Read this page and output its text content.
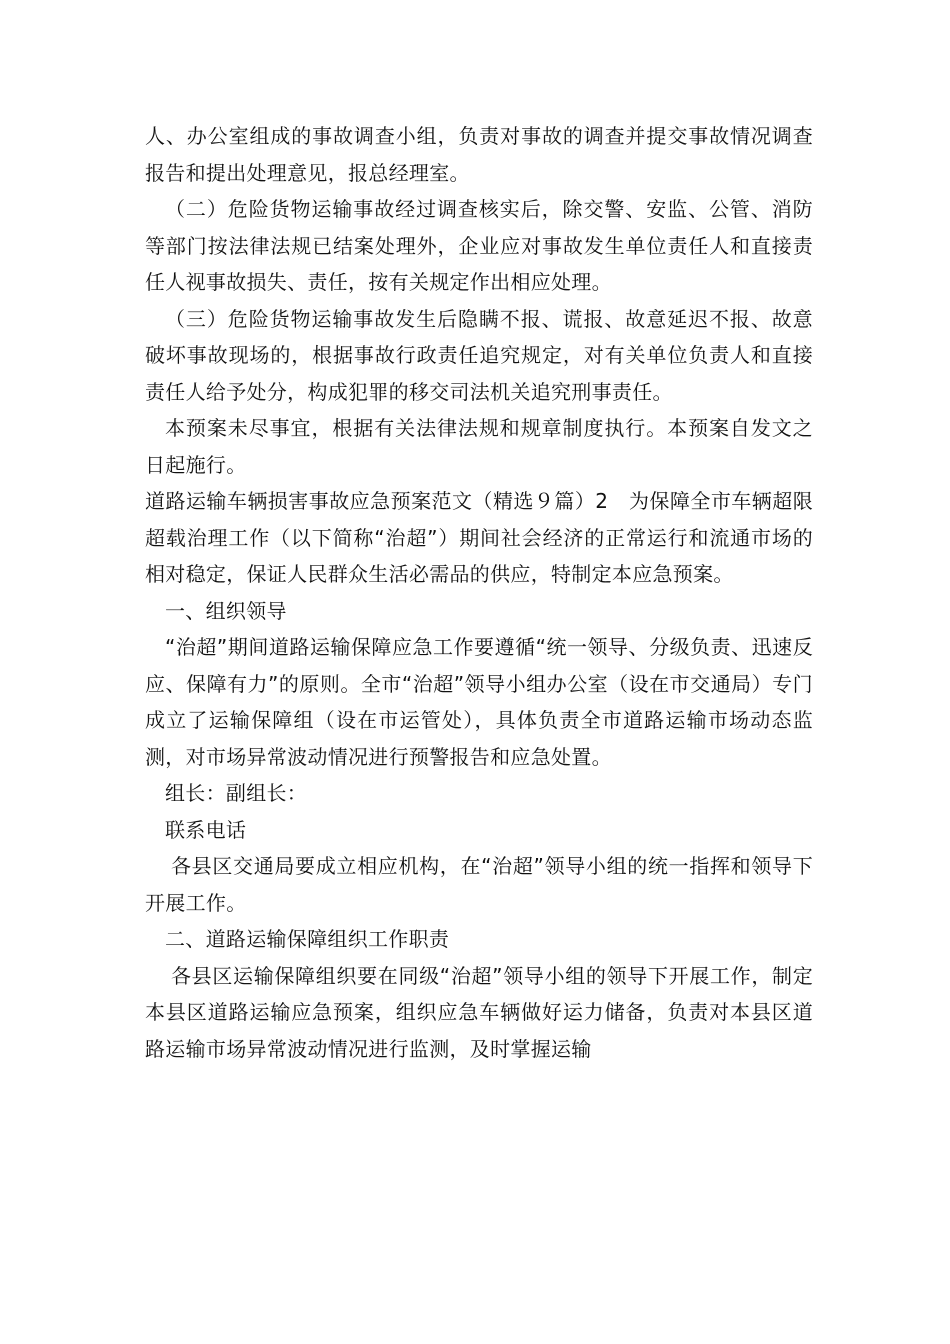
人、办公室组成的事故调查小组，负责对事故的调查并提交事故情况调查报告和提出处理意见，报总经理室。

（二）危险货物运输事故经过调查核实后，除交警、安监、公管、消防等部门按法律法规已结案处理外，企业应对事故发生单位责任人和直接责任人视事故损失、责任，按有关规定作出相应处理。

（三）危险货物运输事故发生后隐瞒不报、谎报、故意延迟不报、故意破坏事故现场的，根据事故行政责任追究规定，对有关单位负责人和直接责任人给予处分，构成犯罪的移交司法机关追究刑事责任。

本预案未尽事宜，根据有关法律法规和规章制度执行。本预案自发文之日起施行。

道路运输车辆损害事故应急预案范文（精选９篇）2　为保障全市车辆超限超载治理工作（以下简称“治超”）期间社会经济的正常运行和流通市场的相对稳定，保证人民群众生活必需品的供应，特制定本应急预案。

一、组织领导

“治超”期间道路运输保障应急工作要遵循“统一领导、分级负责、迅速反应、保障有力”的原则。全市“治超”领导小组办公室（设在市交通局）专门成立了运输保障组（设在市运管处），具体负责全市道路运输市场动态监测，对市场异常波动情况进行预警报告和应急处置。

组长：副组长：

联系电话

各县区交通局要成立相应机构，在“治超”领导小组的统一指挥和领导下开展工作。

二、道路运输保障组织工作职责

各县区运输保障组织要在同级“治超”领导小组的领导下开展工作，制定本县区道路运输应急预案，组织应急车辆做好运力储备，负责对本县区道路运输市场异常波动情况进行监测，及时掌握运输
